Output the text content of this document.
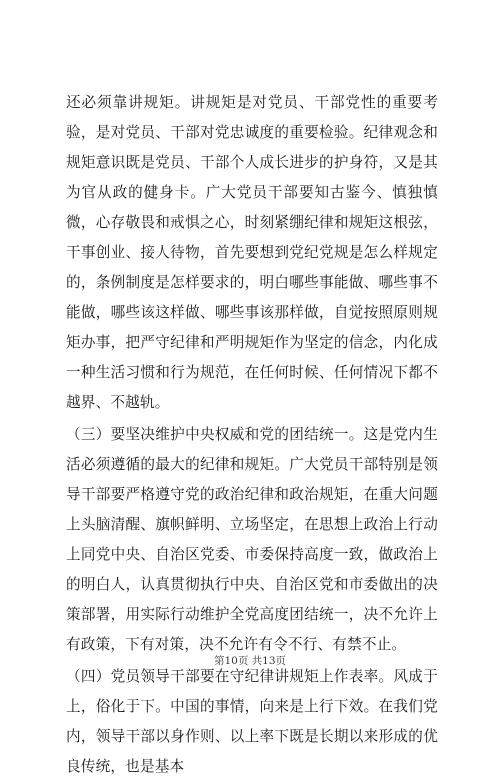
还必须靠讲规矩。讲规矩是对党员、干部党性的重要考验，是对党员、干部对党忠诚度的重要检验。纪律观念和规矩意识既是党员、干部个人成长进步的护身符，又是其为官从政的健身卡。广大党员干部要知古鉴今、慎独慎微，心存敬畏和戒惧之心，时刻紧绷纪律和规矩这根弦，干事创业、接人待物，首先要想到党纪党规是怎么样规定的，条例制度是怎样要求的，明白哪些事能做、哪些事不能做，哪些该这样做、哪些事该那样做，自觉按照原则规矩办事，把严守纪律和严明规矩作为坚定的信念，内化成一种生活习惯和行为规范，在任何时候、任何情况下都不越界、不越轨。

（三）要坚决维护中央权威和党的团结统一。这是党内生活必须遵循的最大的纪律和规矩。广大党员干部特别是领导干部要严格遵守党的政治纪律和政治规矩，在重大问题上头脑清醒、旗帜鲜明、立场坚定，在思想上政治上行动上同党中央、自治区党委、市委保持高度一致，做政治上的明白人，认真贯彻执行中央、自治区党和市委做出的决策部署，用实际行动维护全党高度团结统一，决不允许上有政策，下有对策，决不允许有令不行、有禁不止。

（四）党员领导干部要在守纪律讲规矩上作表率。风成于上，俗化于下。中国的事情，向来是上行下效。在我们党内，领导干部以身作则、以上率下既是长期以来形成的优良传统，也是基本

第10页 共13页
